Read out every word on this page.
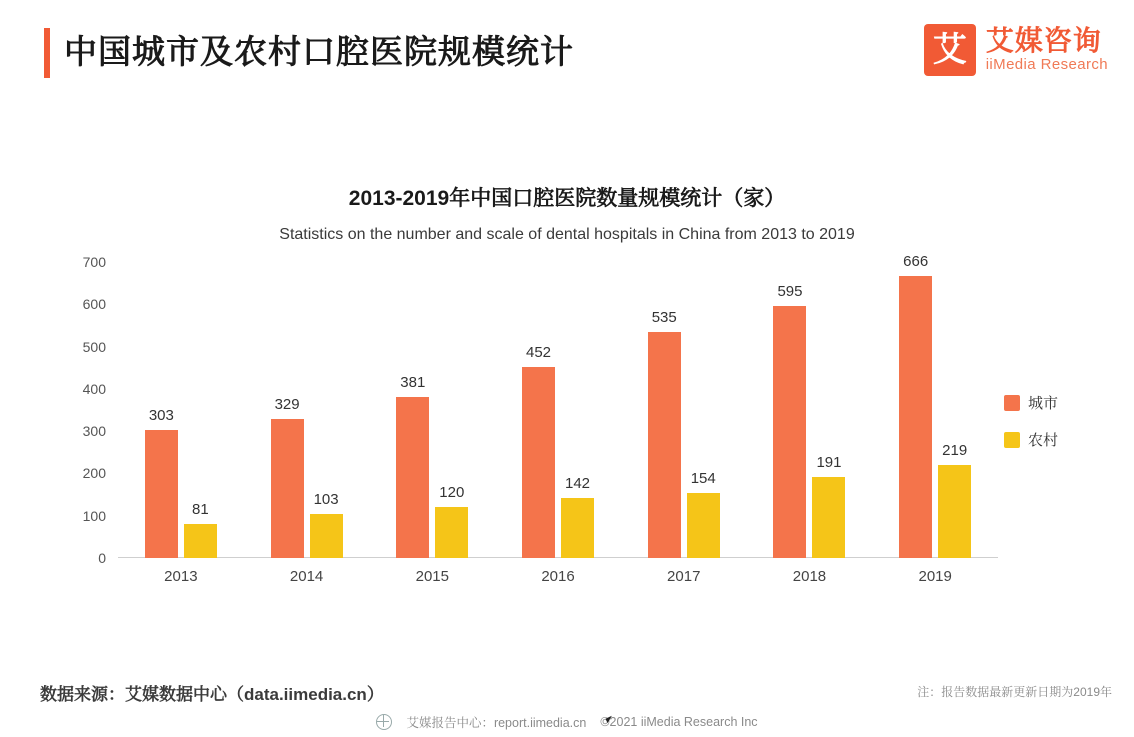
中国城市及农村口腔医院规模统计	艾 艾媒咨询
iiMedia Research
2013-2019年中国口腔医院数量规模统计（家）
Statistics on the number and scale of dental hospitals in China from 2013 to 2019
0
100
200
300
400
500
600
700
303
81
329
103
381
120
452
142
535
154
595
191
666
219
2013	2014	2015	2016	2017	2018	2019
城市
农村
数据来源：艾媒数据中心（data.iimedia.cn）	注：报告数据最新更新日期为2019年
艾媒报告中心：report.iimedia.cn ©2021 iiMedia Research Inc
